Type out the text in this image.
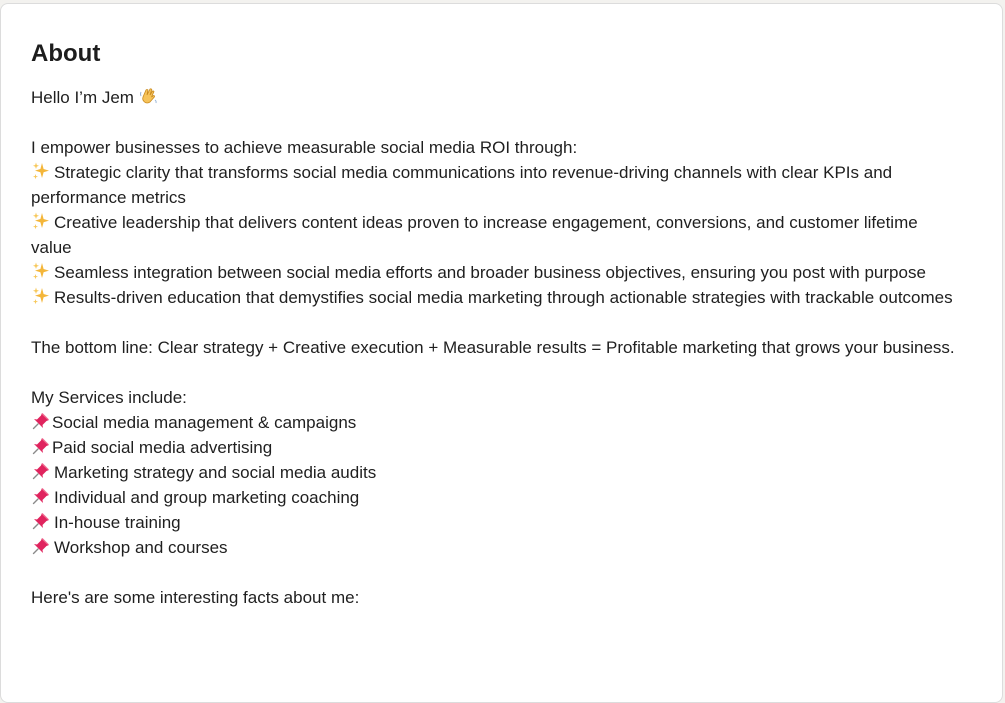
About
Hello I’m Jem
I empower businesses to achieve measurable social media ROI through:
Strategic clarity that transforms social media communications into revenue-driving channels with clear KPIs and performance metrics
Creative leadership that delivers content ideas proven to increase engagement, conversions, and customer lifetime value
Seamless integration between social media efforts and broader business objectives, ensuring you post with purpose
Results-driven education that demystifies social media marketing through actionable strategies with trackable outcomes
The bottom line: Clear strategy + Creative execution + Measurable results = Profitable marketing that grows your business.
My Services include:
Social media management & campaigns
Paid social media advertising
Marketing strategy and social media audits
Individual and group marketing coaching
In-house training
Workshop and courses
Here's are some interesting facts about me:
